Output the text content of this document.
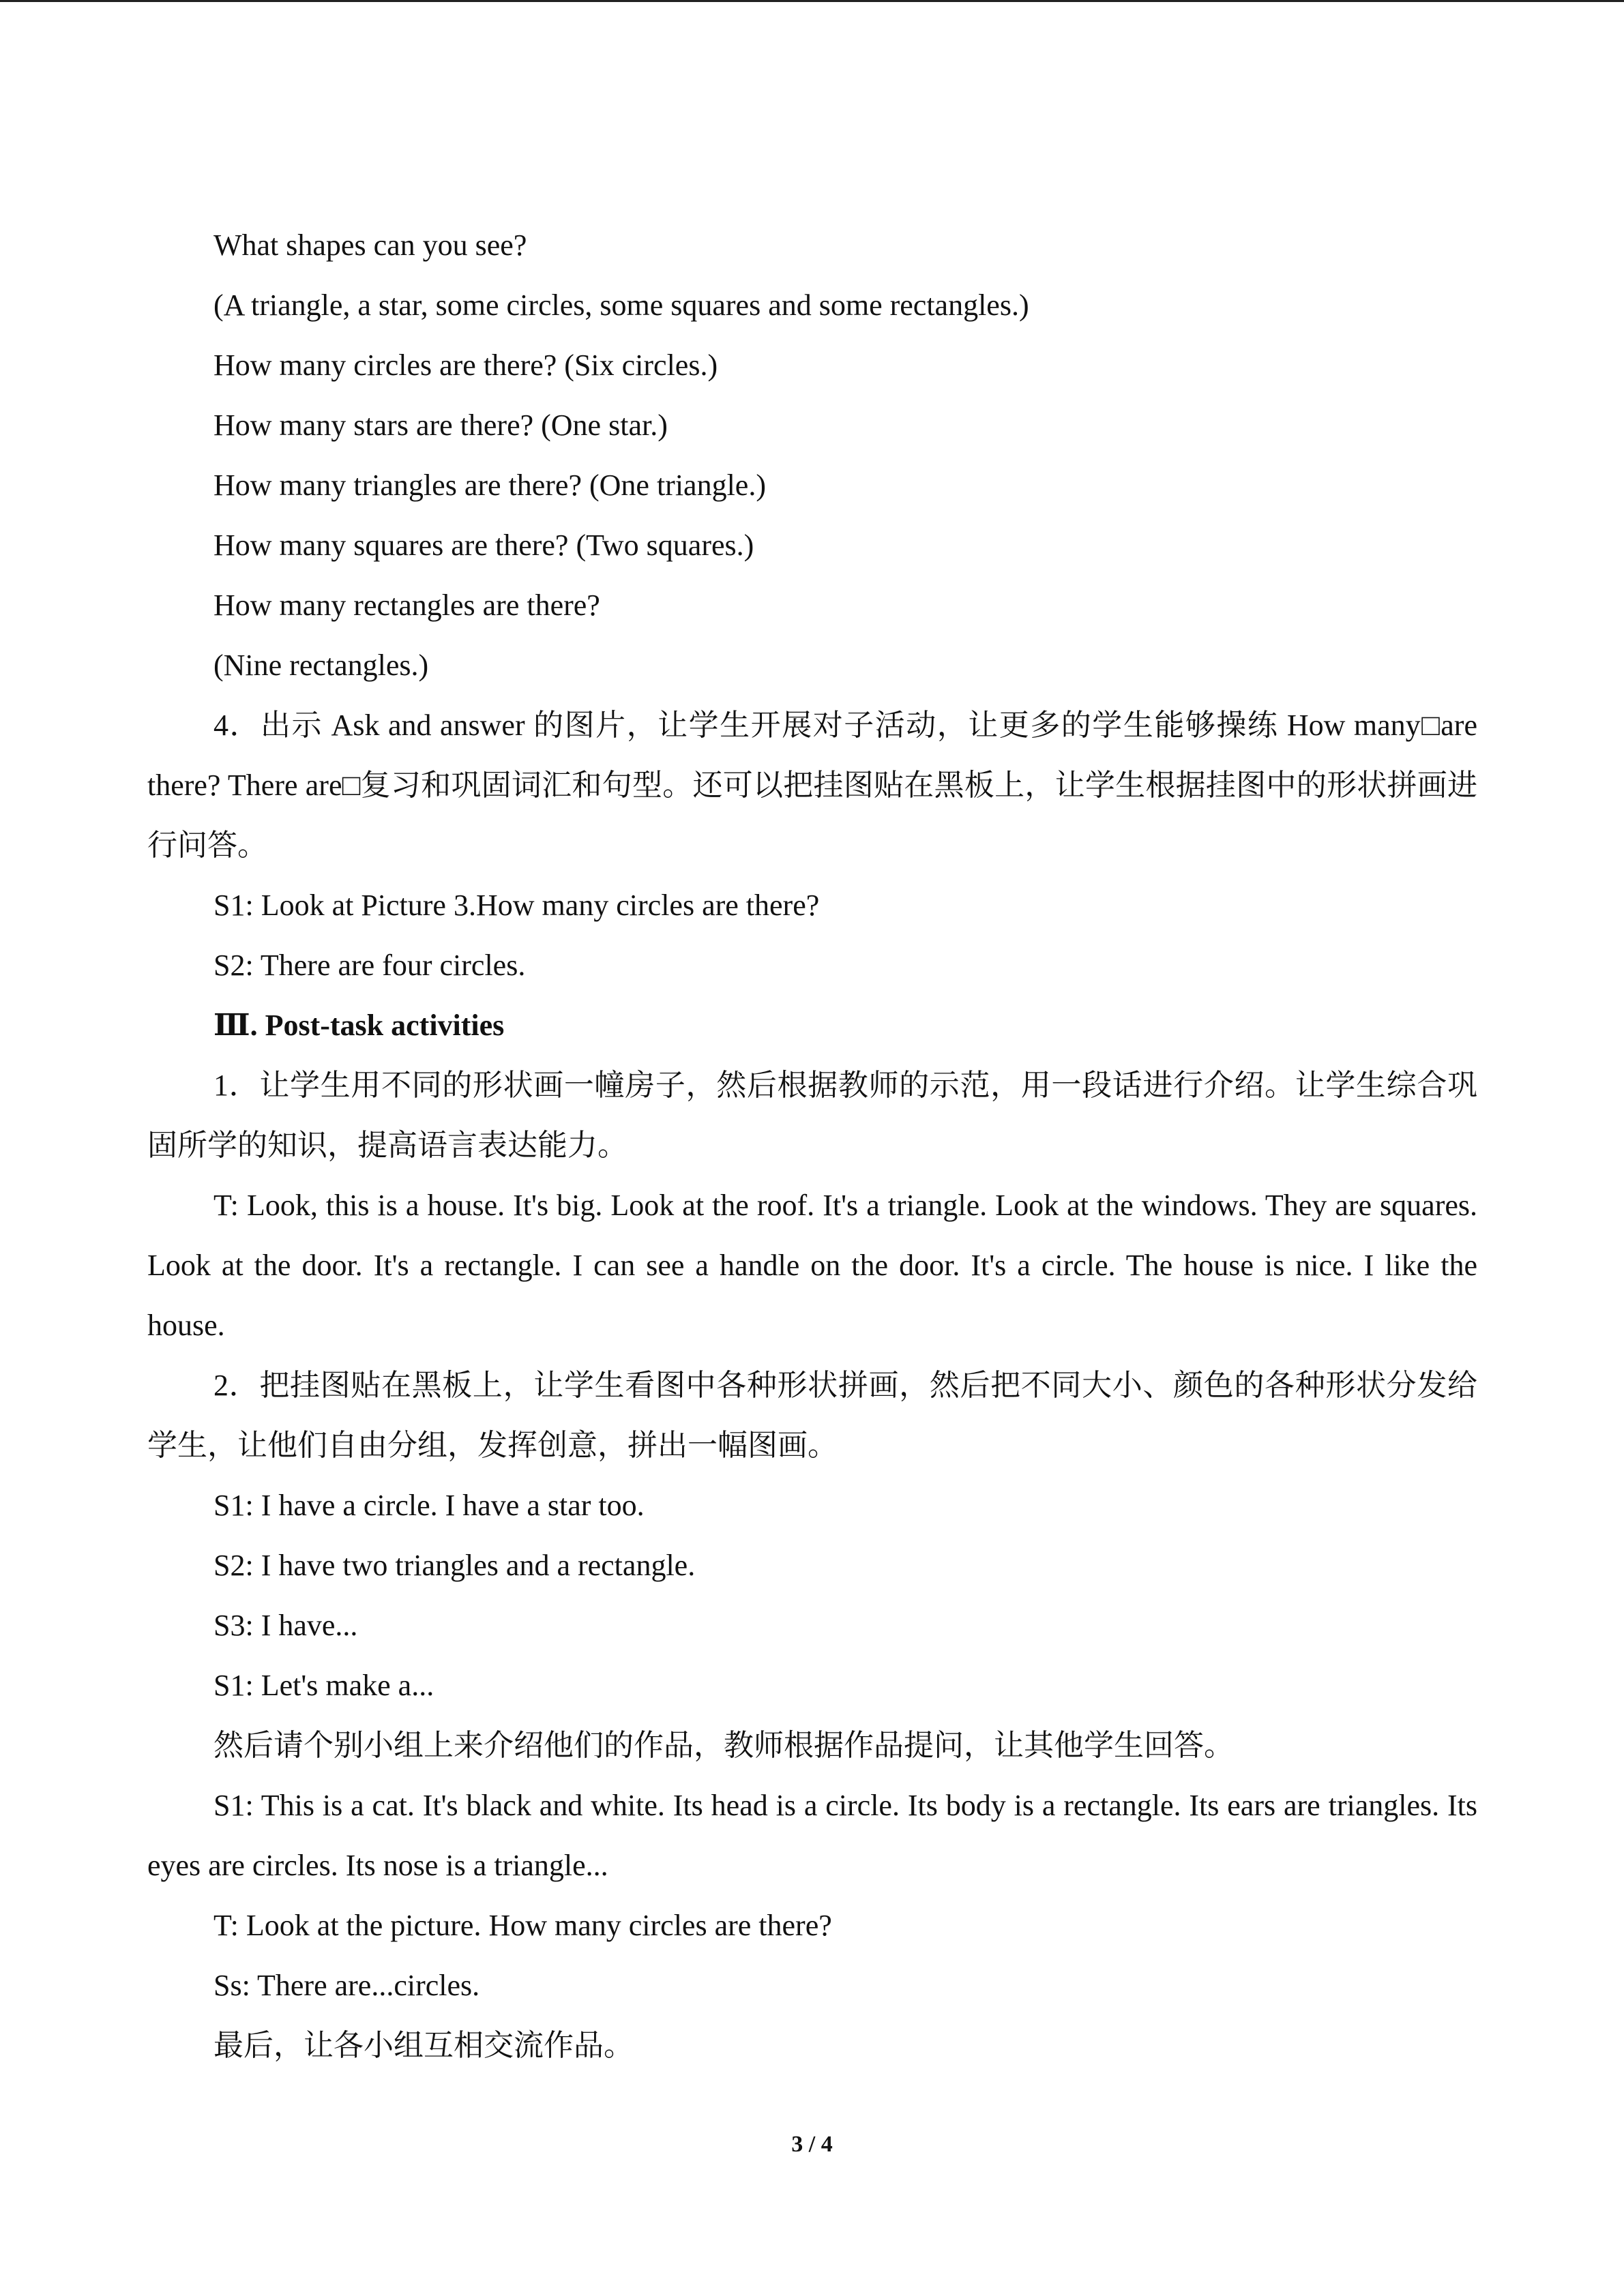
What shapes can you see?
(A triangle, a star, some circles, some squares and some rectangles.)
How many circles are there? (Six circles.)
How many stars are there? (One star.)
How many triangles are there? (One triangle.)
How many squares are there? (Two squares.)
How many rectangles are there?
(Nine rectangles.)

4．出示 Ask and answer 的图片，让学生开展对子活动，让更多的学生能够操练 How many□are there? There are□复习和巩固词汇和句型。还可以把挂图贴在黑板上，让学生根据挂图中的形状拼画进行问答。

S1: Look at Picture 3.How many circles are there?
S2: There are four circles.
Ⅲ. Post-task activities

1．让学生用不同的形状画一幢房子，然后根据教师的示范，用一段话进行介绍。让学生综合巩固所学的知识，提高语言表达能力。

T: Look, this is a house. It's big. Look at the roof. It's a triangle. Look at the windows. They are squares. Look at the door. It's a rectangle. I can see a handle on the door. It's a circle. The house is nice. I like the house.

2．把挂图贴在黑板上，让学生看图中各种形状拼画，然后把不同大小、颜色的各种形状分发给学生，让他们自由分组，发挥创意，拼出一幅图画。

S1: I have a circle. I have a star too.
S2: I have two triangles and a rectangle.
S3: I have...
S1: Let's make a...
然后请个别小组上来介绍他们的作品，教师根据作品提问，让其他学生回答。

S1: This is a cat. It's black and white. Its head is a circle. Its body is a rectangle. Its ears are triangles. Its eyes are circles. Its nose is a triangle...

T: Look at the picture. How many circles are there?
Ss: There are...circles.
最后，让各小组互相交流作品。
3 / 4
